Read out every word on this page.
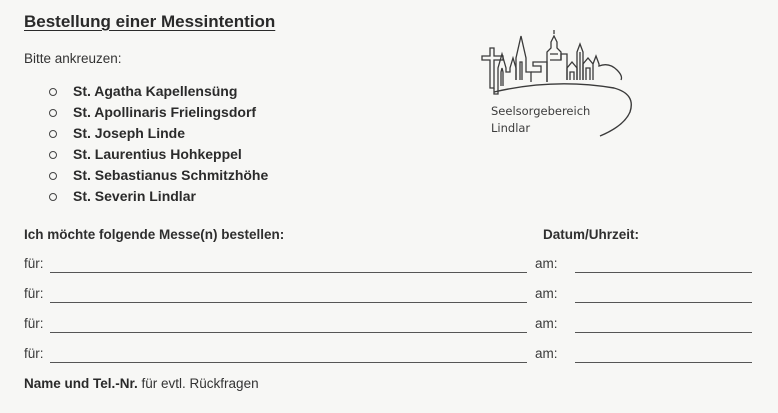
Bestellung einer Messintention
Bitte ankreuzen:
St. Agatha Kapellensüng
St. Apollinaris Frielingsdorf
St. Joseph Linde
St. Laurentius Hohkeppel
St. Sebastianus Schmitzhöhe
St. Severin Lindlar
Seelsorgebereich
Lindlar
Ich möchte folgende Messe(n) bestellen:	Datum/Uhrzeit:
für:	am:
für:	am:
für:	am:
für:	am:
Name und Tel.-Nr. für evtl. Rückfragen
